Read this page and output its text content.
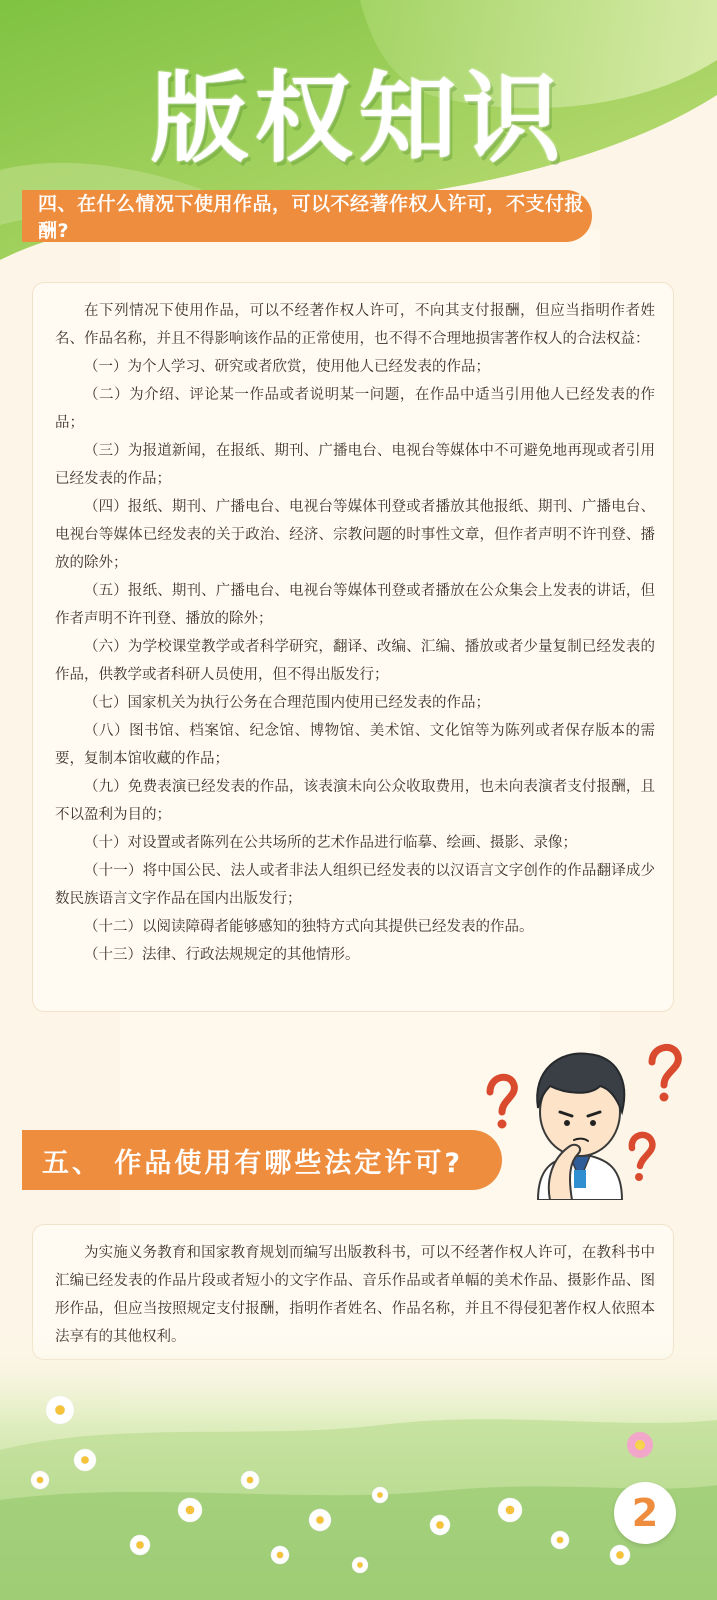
版权知识
四、在什么情况下使用作品，可以不经著作权人许可，不支付报酬?

在下列情况下使用作品，可以不经著作权人许可，不向其支付报酬，但应当指明作者姓名、作品名称，并且不得影响该作品的正常使用，也不得不合理地损害著作权人的合法权益：

（一）为个人学习、研究或者欣赏，使用他人已经发表的作品；

（二）为介绍、评论某一作品或者说明某一问题，在作品中适当引用他人已经发表的作品；

（三）为报道新闻，在报纸、期刊、广播电台、电视台等媒体中不可避免地再现或者引用已经发表的作品；

（四）报纸、期刊、广播电台、电视台等媒体刊登或者播放其他报纸、期刊、广播电台、电视台等媒体已经发表的关于政治、经济、宗教问题的时事性文章，但作者声明不许刊登、播放的除外；

（五）报纸、期刊、广播电台、电视台等媒体刊登或者播放在公众集会上发表的讲话，但作者声明不许刊登、播放的除外；

（六）为学校课堂教学或者科学研究，翻译、改编、汇编、播放或者少量复制已经发表的作品，供教学或者科研人员使用，但不得出版发行；

（七）国家机关为执行公务在合理范围内使用已经发表的作品；

（八）图书馆、档案馆、纪念馆、博物馆、美术馆、文化馆等为陈列或者保存版本的需要，复制本馆收藏的作品；

（九）免费表演已经发表的作品，该表演未向公众收取费用，也未向表演者支付报酬，且不以盈利为目的；

（十）对设置或者陈列在公共场所的艺术作品进行临摹、绘画、摄影、录像；

（十一）将中国公民、法人或者非法人组织已经发表的以汉语言文字创作的作品翻译成少数民族语言文字作品在国内出版发行；

（十二）以阅读障碍者能够感知的独特方式向其提供已经发表的作品。

（十三）法律、行政法规规定的其他情形。

五、 作品使用有哪些法定许可?

为实施义务教育和国家教育规划而编写出版教科书，可以不经著作权人许可，在教科书中汇编已经发表的作品片段或者短小的文字作品、音乐作品或者单幅的美术作品、摄影作品、图形作品，但应当按照规定支付报酬，指明作者姓名、作品名称，并且不得侵犯著作权人依照本

2
